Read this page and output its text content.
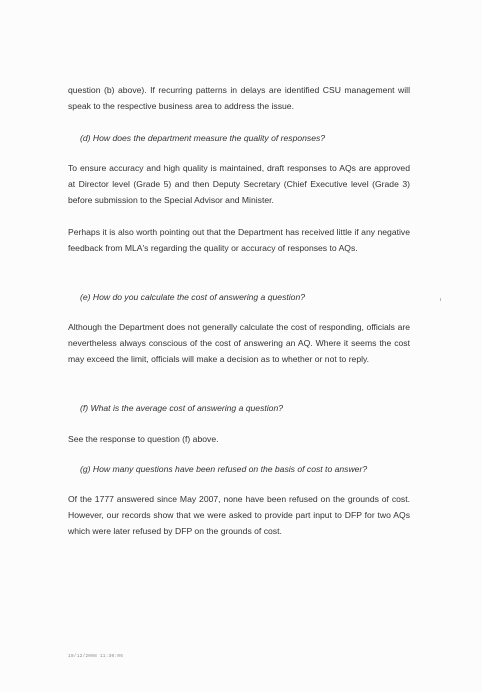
question (b) above). If recurring patterns in delays are identified CSU management will speak to the respective business area to address the issue.

(d) How does the department measure the quality of responses?

To ensure accuracy and high quality is maintained, draft responses to AQs are approved at Director level (Grade 5) and then Deputy Secretary (Chief Executive level (Grade 3) before submission to the Special Advisor and Minister.

Perhaps it is also worth pointing out that the Department has received little if any negative feedback from MLA's regarding the quality or accuracy of responses to AQs.

(e) How do you calculate the cost of answering a question?

Although the Department does not generally calculate the cost of responding, officials are nevertheless always conscious of the cost of answering an AQ. Where it seems the cost may exceed the limit, officials will make a decision as to whether or not to reply.

(f) What is the average cost of answering a question?

See the response to question (f) above.

(g) How many questions have been refused on the basis of cost to answer?

Of the 1777 answered since May 2007, none have been refused on the grounds of cost. However, our records show that we were asked to provide part input to DFP for two AQs which were later refused by DFP on the grounds of cost.

19/12/2008 11:30:06
